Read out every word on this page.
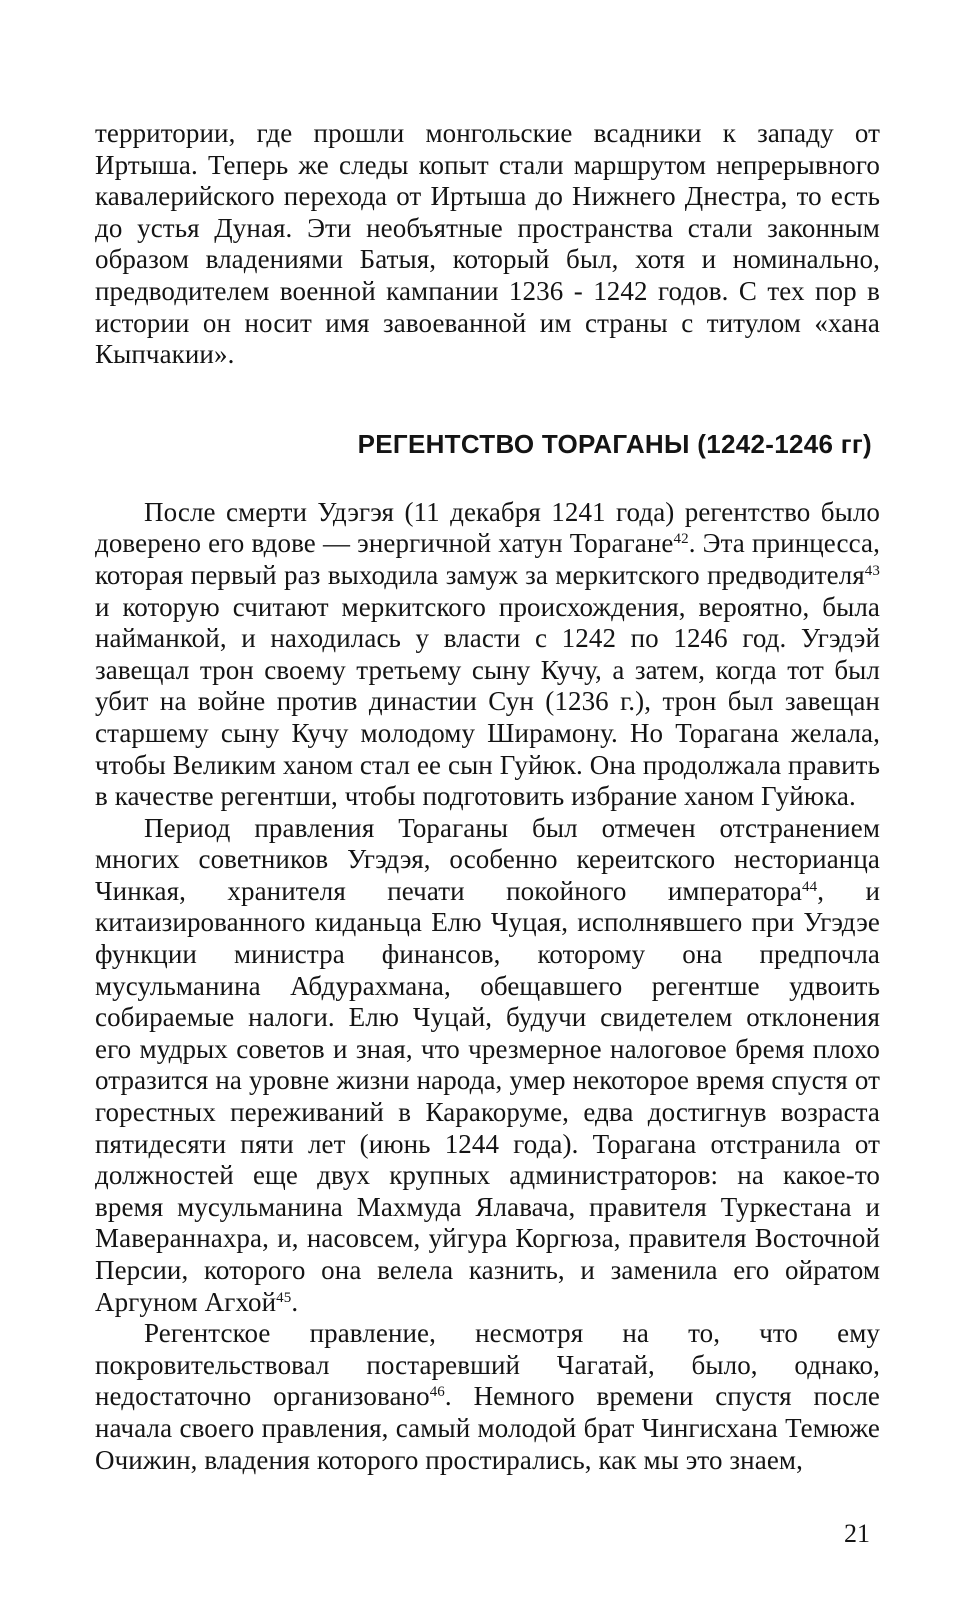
территории, где прошли монгольские всадники к западу от Иртыша. Теперь же следы копыт стали маршрутом непрерывного кавалерийского перехода от Иртыша до Нижнего Днестра, то есть до устья Дуная. Эти необъятные пространства стали законным образом владениями Батыя, который был, хотя и номинально, предводителем военной кампании 1236 - 1242 годов. С тех пор в истории он носит имя завоеванной им страны с титулом «хана Кыпчакии».

РЕГЕНТСТВО ТОРАГАНЫ (1242-1246 гг)

После смерти Удэгэя (11 декабря 1241 года) регентство было доверено его вдове — энергичной хатун Торагане$^{42}$. Эта принцесса, которая первый раз выходила замуж за меркитского предводителя$^{43}$ и которую считают меркитского происхождения, вероятно, была найманкой, и находилась у власти с 1242 по 1246 год. Угэдэй завещал трон своему третьему сыну Кучу, а затем, когда тот был убит на войне против династии Сун (1236 г.), трон был завещан старшему сыну Кучу молодому Ширамону. Но Торагана желала, чтобы Великим ханом стал ее сын Гуйюк. Она продолжала править в качестве регентши, чтобы подготовить избрание ханом Гуйюка.

Период правления Тораганы был отмечен отстранением многих советников Угэдэя, особенно кереитского несторианца Чинкая, хранителя печати покойного императора$^{44}$, и китаизированного киданьца Елю Чуцая, исполнявшего при Угэдэе функции министра финансов, которому она предпочла мусульманина Абдурахмана, обещавшего регентше удвоить собираемые налоги. Елю Чуцай, будучи свидетелем отклонения его мудрых советов и зная, что чрезмерное налоговое бремя плохо отразится на уровне жизни народа, умер некоторое время спустя от горестных переживаний в Каракоруме, едва достигнув возраста пятидесяти пяти лет (июнь 1244 года). Торагана отстранила от должностей еще двух крупных администраторов: на какое-то время мусульманина Махмуда Ялавача, правителя Туркестана и Мавераннахра, и, насовсем, уйгура Коргюза, правителя Восточной Персии, которого она велела казнить, и заменила его ойратом Аргуном Агхой$^{45}$.

Регентское правление, несмотря на то, что ему покровительствовал постаревший Чагатай, было, однако, недостаточно организовано$^{46}$. Немного времени спустя после начала своего правления, самый молодой брат Чингисхана Темюже Очижин, владения которого простирались, как мы это знаем,

21
